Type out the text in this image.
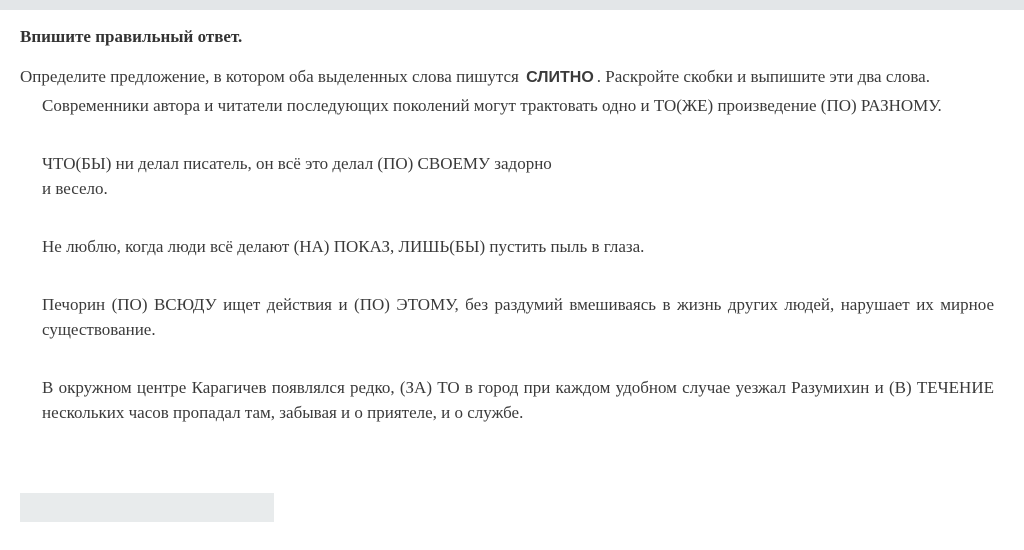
Впишите правильный ответ.
Определите предложение, в котором оба выделенных слова пишутся СЛИТНО . Раскройте скобки и выпишите эти два слова.
Современники автора и читатели последующих поколений могут трактовать одно и ТО(ЖЕ) произведение (ПО) РАЗНОМУ.
ЧТО(БЫ) ни делал писатель, он всё это делал (ПО) СВОЕМУ задорно
и весело.
Не люблю, когда люди всё делают (НА) ПОКАЗ, ЛИШЬ(БЫ) пустить пыль в глаза.
Печорин (ПО) ВСЮДУ ищет действия и (ПО) ЭТОМУ, без раздумий вмешиваясь в жизнь других людей, нарушает их мирное существование.
В окружном центре Карагичев появлялся редко, (ЗА) ТО в город при каждом удобном случае уезжал Разумихин и (В) ТЕЧЕНИЕ нескольких часов пропадал там, забывая и о приятеле, и о службе.
